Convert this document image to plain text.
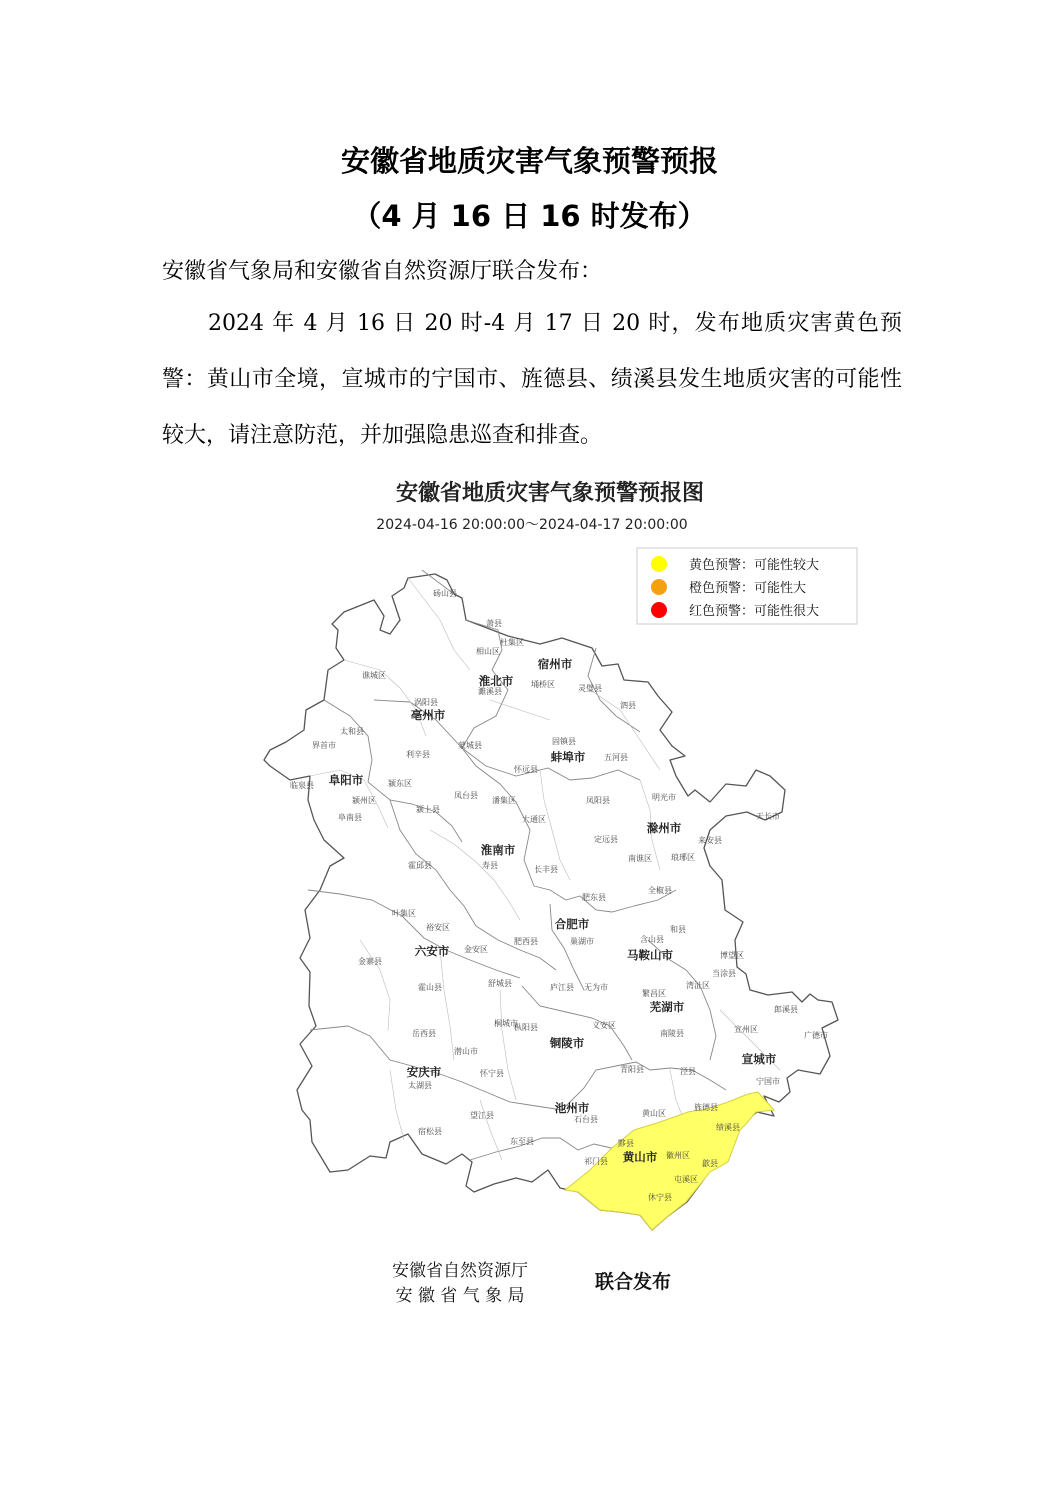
安徽省地质灾害气象预警预报
（4 月 16 日 16 时发布）
安徽省气象局和安徽省自然资源厅联合发布：
2024 年 4 月 16 日 20 时-4 月 17 日 20 时，发布地质灾害黄色预警：黄山市全境，宣城市的宁国市、旌德县、绩溪县发生地质灾害的可能性较大，请注意防范，并加强隐患巡查和排查。
安徽省地质灾害气象预警预报图
2024-04-16 20:00:00～2024-04-17 20:00:00
黄色预警：可能性较大
橙色预警：可能性大
红色预警：可能性很大
砀山县
萧县
杜集区
相山区
濉溪县
埇桥区	灵璧县
泗县
谯城区
涡阳县
蒙城县
利辛县
太和县
界首市
临泉县
颍州区
颍东区
阜南县
颍上县
怀远县
固镇县
五河县
凤阳县	明光市
天长市
来安县
南谯区 琅琊区
全椒县
定远县
凤台县
潘集区
大通区
寿县	长丰县
肥东县
肥西县
庐江县
巢湖市
霍邱县
金寨县
霍山县	舒城县
叶集区
裕安区
金安区
和县
含山县
当涂县
博望区
无为市
南陵县
繁昌区
湾沚区
枞阳县	义安区
郎溪县
广德市
宣州区
泾县
宁国市
旌德县
绩溪县
岳西县
潜山市
太湖县
怀宁县
望江县
宿松县
桐城市
东至县
石台县
青阳县
黄山区
黟县
祁门县
徽州区
歙县
休宁县
屯溪区
宿州市
淮北市
亳州市
阜阳市
蚌埠市
淮南市
滁州市
合肥市
六安市	马鞍山市
芜湖市
铜陵市
安庆市
池州市
宣城市
黄山市
安徽省自然资源厅
安 徽 省 气 象 局
联合发布
